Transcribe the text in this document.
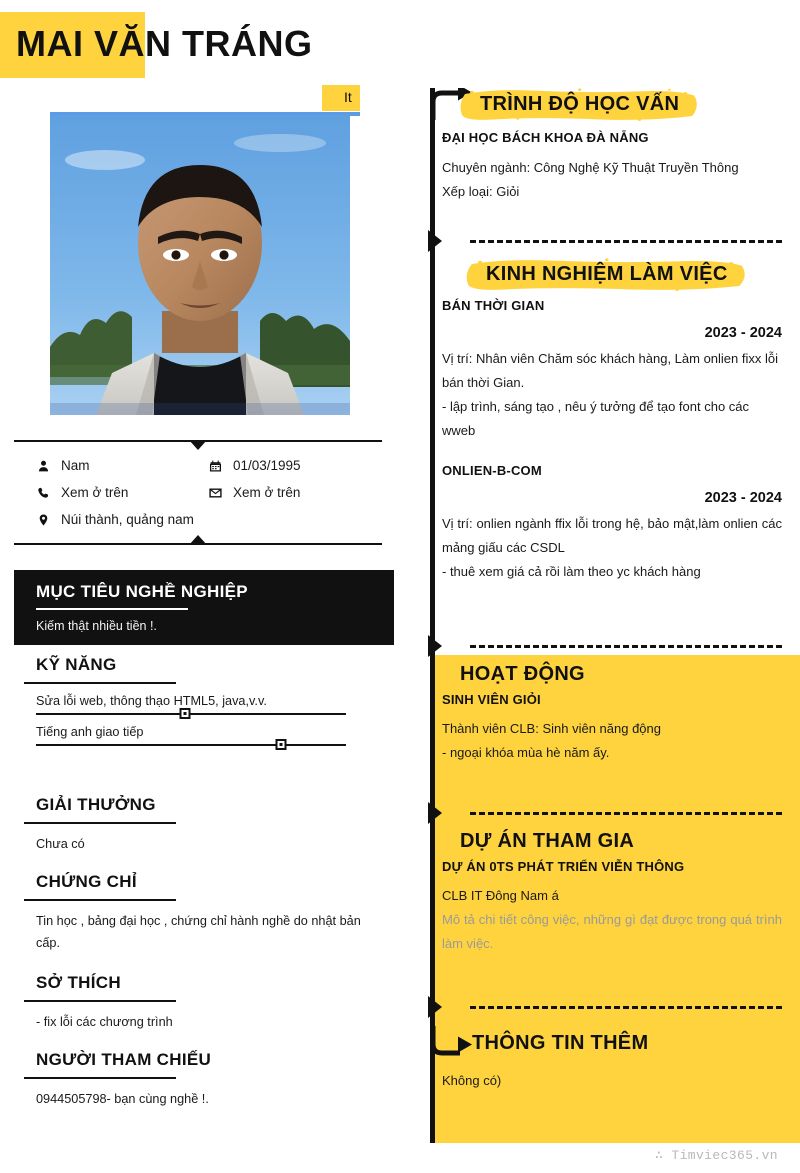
MAI VĂN TRÁNG
It
Nam	01/03/1995
Xem ở trên	Xem ở trên
Núi thành, quảng nam
MỤC TIÊU NGHỀ NGHIỆP
Kiếm thật nhiều tiền !.
KỸ NĂNG
Sửa lỗi web, thông thạo HTML5, java,v.v.
Tiếng anh giao tiếp
GIẢI THƯỞNG
Chưa có
CHỨNG CHỈ
Tin học , bảng đại học , chứng chỉ hành nghề do nhật bản cấp.
SỞ THÍCH
- fix lỗi các chương trình
NGƯỜI THAM CHIẾU
0944505798- bạn cùng nghề !.
TRÌNH ĐỘ HỌC VẤN
ĐẠI HỌC BÁCH KHOA ĐÀ NẴNG
Chuyên ngành: Công Nghệ Kỹ Thuật Truyền Thông
Xếp loại: Giỏi
KINH NGHIỆM LÀM VIỆC
BÁN THỜI GIAN
2023 - 2024
Vị trí: Nhân viên Chăm sóc khách hàng, Làm onlien fixx lỗi bán thời Gian.
- lập trình, sáng tạo , nêu ý tưởng để tạo font cho các wweb
ONLIEN-B-COM
2023 - 2024
Vị trí: onlien ngành ffix lỗi trong hệ, bảo mật,làm onlien các mảng giấu các CSDL
- thuê xem giá cả rồi làm theo yc khách hàng
HOẠT ĐỘNG
SINH VIÊN GIỎI
Thành viên CLB: Sinh viên năng động
- ngoại khóa mùa hè năm ấy.
DỰ ÁN THAM GIA
DỰ ÁN 0TS PHÁT TRIỂN VIỄN THÔNG
CLB IT Đông Nam á
Mô tả chi tiết công việc, những gì đạt được trong quá trình làm việc.
THÔNG TIN THÊM
Không có)
∴ Timviec365.vn
